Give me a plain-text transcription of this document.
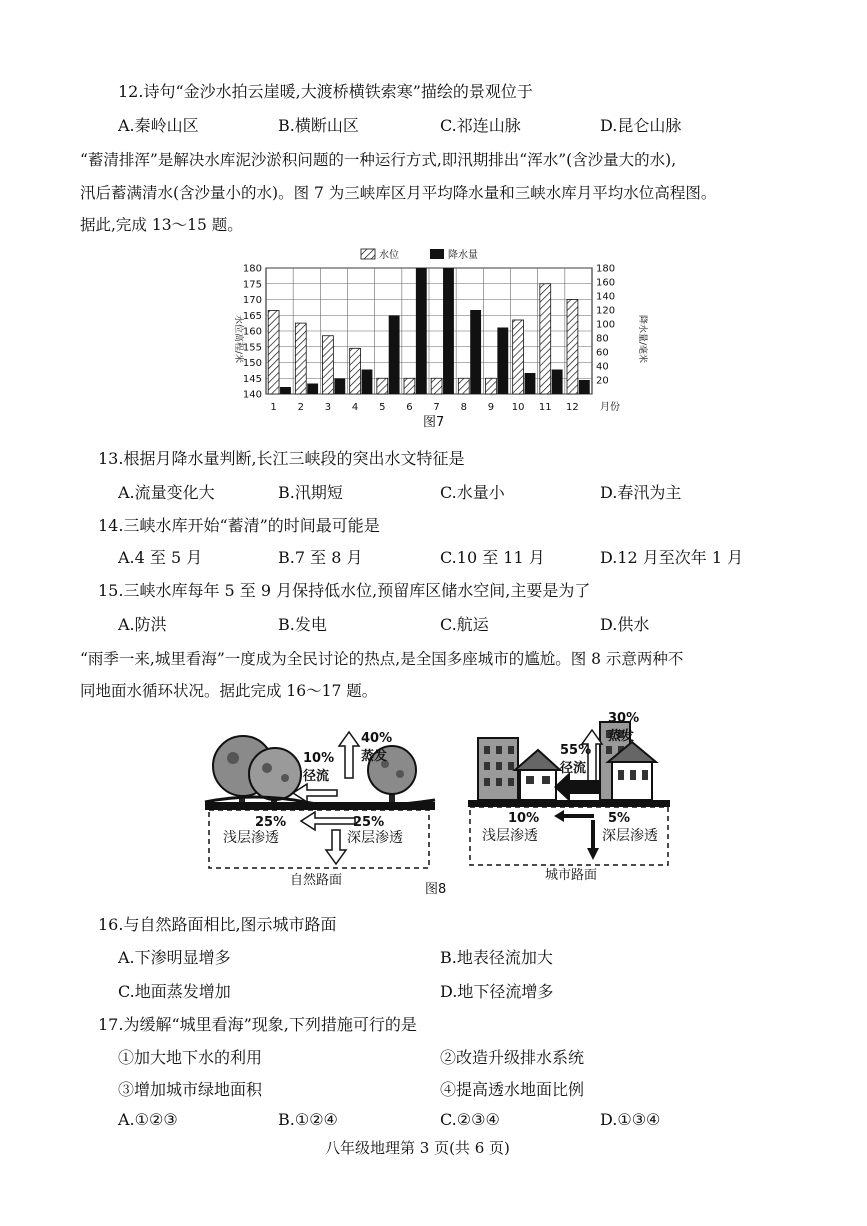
12.诗句“金沙水拍云崖暖,大渡桥横铁索寒”描绘的景观位于
A.秦岭山区	B.横断山区	C.祁连山脉	D.昆仑山脉
“蓄清排浑”是解决水库泥沙淤积问题的一种运行方式,即汛期排出“浑水”(含沙量大的水),
汛后蓄满清水(含沙量小的水)。图 7 为三峡库区月平均降水量和三峡水库月平均水位高程图。
据此,完成 13～15 题。
水位	降水量
水位高程/米	降水量/毫米
140
145
150
155
160
165
170
175
180
20
40
60
80
100
120
140
160
180
1 2 3 4 5 6 7 8 9 10 11 12 月份
图7
13.根据月降水量判断,长江三峡段的突出水文特征是
A.流量变化大	B.汛期短	C.水量小	D.春汛为主
14.三峡水库开始“蓄清”的时间最可能是
A.4 至 5 月	B.7 至 8 月	C.10 至 11 月	D.12 月至次年 1 月
15.三峡水库每年 5 至 9 月保持低水位,预留库区储水空间,主要是为了
A.防洪	B.发电	C.航运	D.供水
“雨季一来,城里看海”一度成为全民讨论的热点,是全国多座城市的尴尬。图 8 示意两种不
同地面水循环状况。据此完成 16～17 题。
40%
蒸发
10%
径流
25%
浅层渗透
25%
深层渗透
自然路面
30%
蒸发
55%
径流
10%
浅层渗透
5%
深层渗透
城市路面
图8
16.与自然路面相比,图示城市路面
A.下渗明显增多	B.地表径流加大
C.地面蒸发增加	D.地下径流增多
17.为缓解“城里看海”现象,下列措施可行的是
①加大地下水的利用	②改造升级排水系统
③增加城市绿地面积	④提高透水地面比例
A.①②③	B.①②④	C.②③④	D.①③④
八年级地理第 3 页(共 6 页)
